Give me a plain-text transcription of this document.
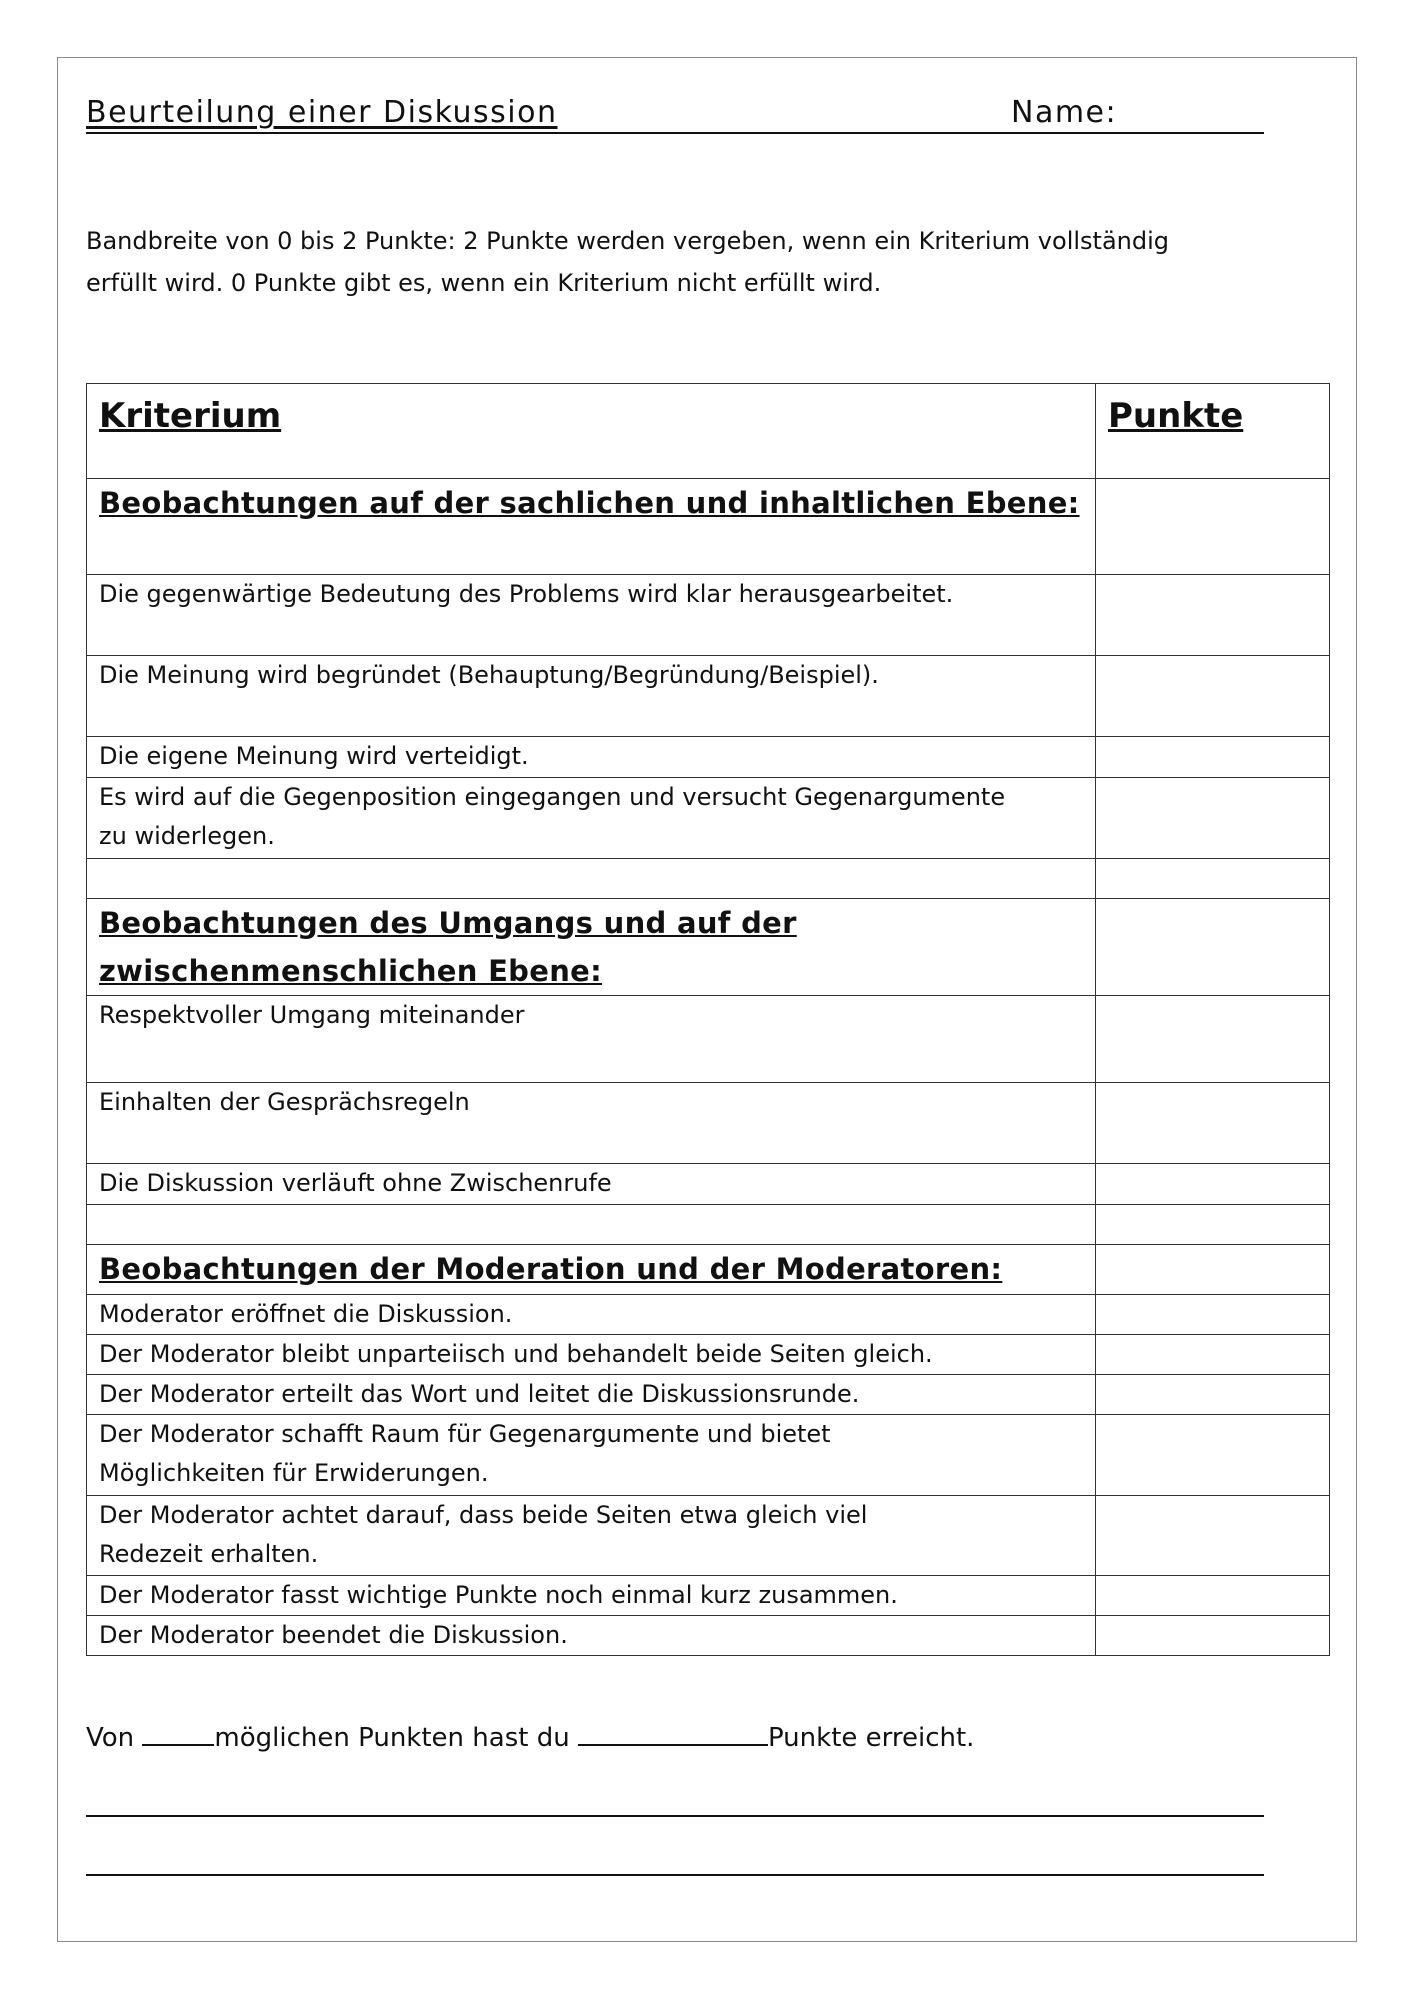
Beurteilung einer Diskussion	Name:
Bandbreite von 0 bis 2 Punkte: 2 Punkte werden vergeben, wenn ein Kriterium vollständig
erfüllt wird. 0 Punkte gibt es, wenn ein Kriterium nicht erfüllt wird.
Kriterium	Punkte

Beobachtungen auf der sachlichen und inhaltlichen Ebene:	

Die gegenwärtige Bedeutung des Problems wird klar herausgearbeitet.	

Die Meinung wird begründet (Behauptung/Begründung/Beispiel).	

Die eigene Meinung wird verteidigt.	

Es wird auf die Gegenposition eingegangen und versucht Gegenargumente
zu widerlegen.	

Beobachtungen des Umgangs und auf der
zwischenmenschlichen Ebene:	

Respektvoller Umgang miteinander	

Einhalten der Gesprächsregeln	

Die Diskussion verläuft ohne Zwischenrufe	

Beobachtungen der Moderation und der Moderatoren:	

Moderator eröffnet die Diskussion.	

Der Moderator bleibt unparteiisch und behandelt beide Seiten gleich.	

Der Moderator erteilt das Wort und leitet die Diskussionsrunde.	

Der Moderator schafft Raum für Gegenargumente und bietet
Möglichkeiten für Erwiderungen.	

Der Moderator achtet darauf, dass beide Seiten etwa gleich viel
Redezeit erhalten.	

Der Moderator fasst wichtige Punkte noch einmal kurz zusammen.	

Der Moderator beendet die Diskussion.	

Von	möglichen Punkten hast du	Punkte erreicht.
